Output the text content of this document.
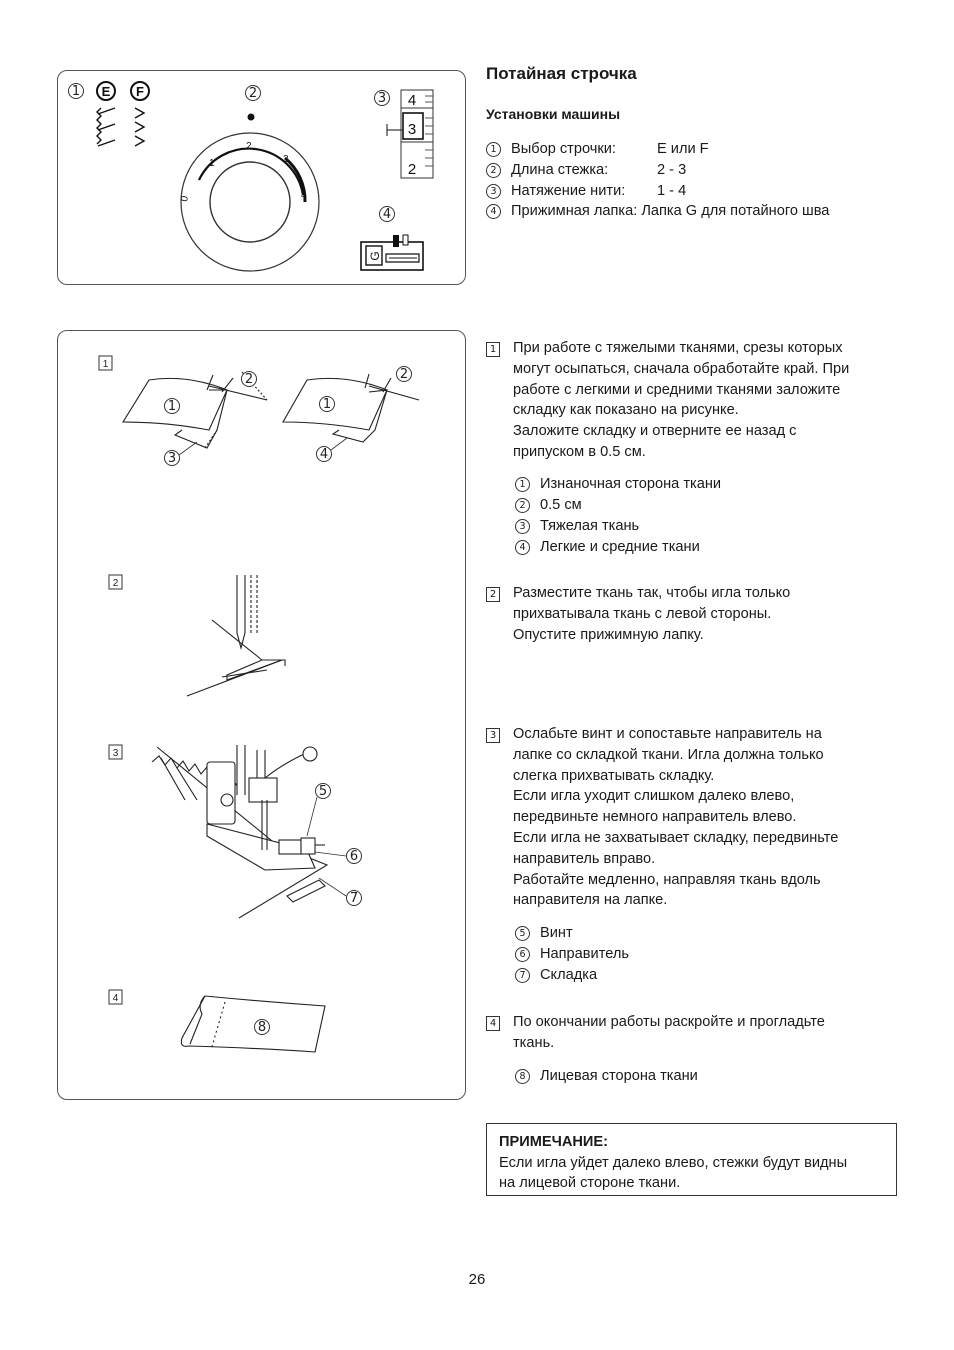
1 E F	2
0
1
2
3
4
3 4
3
2
4
G
Потайная строчка
Установки машины
1 Выбор строчки:	E или F
2 Длина стежка:	2 - 3
3 Натяжение нити: 1 - 4
4 Прижимная лапка: Лапка G для потайного шва
1
2
3
4
1
2
3
1
2
4
5
6
7
8
1 При работе с тяжелыми тканями, срезы которых
могут осыпаться, сначала обработайте край. При
работе с легкими и средними тканями заложите
складку как показано на рисунке.
Заложите складку и отверните ее назад с
припуском в 0.5 см.
1 Изнаночная сторона ткани
2 0.5 см
3 Тяжелая ткань
4 Легкие и средние ткани
2 Разместите ткань так, чтобы игла только
прихватывала ткань с левой стороны.
Опустите прижимную лапку.
3 Ослабьте винт и сопоставьте направитель на
лапке со складкой ткани. Игла должна только
слегка прихватывать складку.
Если игла уходит слишком далеко влево,
передвиньте немного направитель влево.
Если игла не захватывает складку, передвиньте
направитель вправо.
Работайте медленно, направляя ткань вдоль
направителя на лапке.
5 Винт
6 Направитель
7 Складка
4 По окончании работы раскройте и прогладьте
ткань.
8 Лицевая сторона ткани
ПРИМЕЧАНИЕ:
Если игла уйдет далеко влево, стежки будут видны
на лицевой стороне ткани.
26
